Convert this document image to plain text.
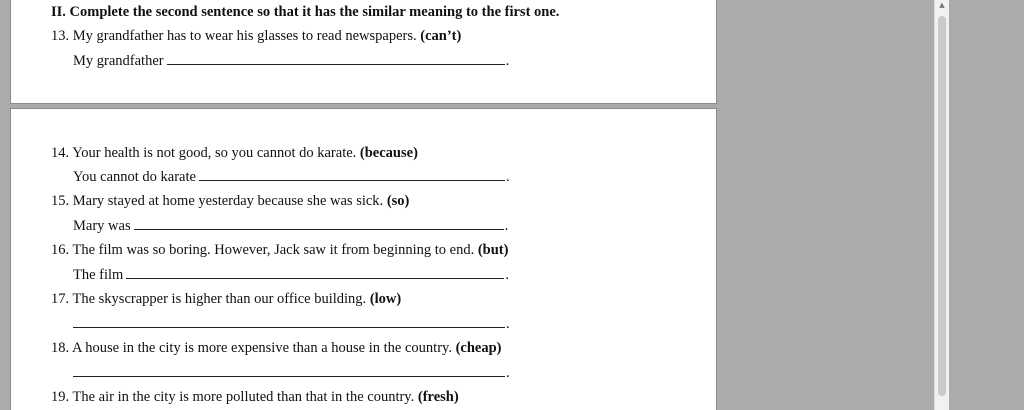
II. Complete the second sentence so that it has the similar meaning to the first one.
13. My grandfather has to wear his glasses to read newspapers. (can’t)
My grandfather	.
14. Your health is not good, so you cannot do karate. (because)
You cannot do karate	.
15. Mary stayed at home yesterday because she was sick. (so)
Mary was	.
16. The film was so boring. However, Jack saw it from beginning to end. (but)
The film	.
17. The skyscrapper is higher than our office building. (low)
.
18. A house in the city is more expensive than a house in the country. (cheap)
.
19. The air in the city is more polluted than that in the country. (fresh)
▲
